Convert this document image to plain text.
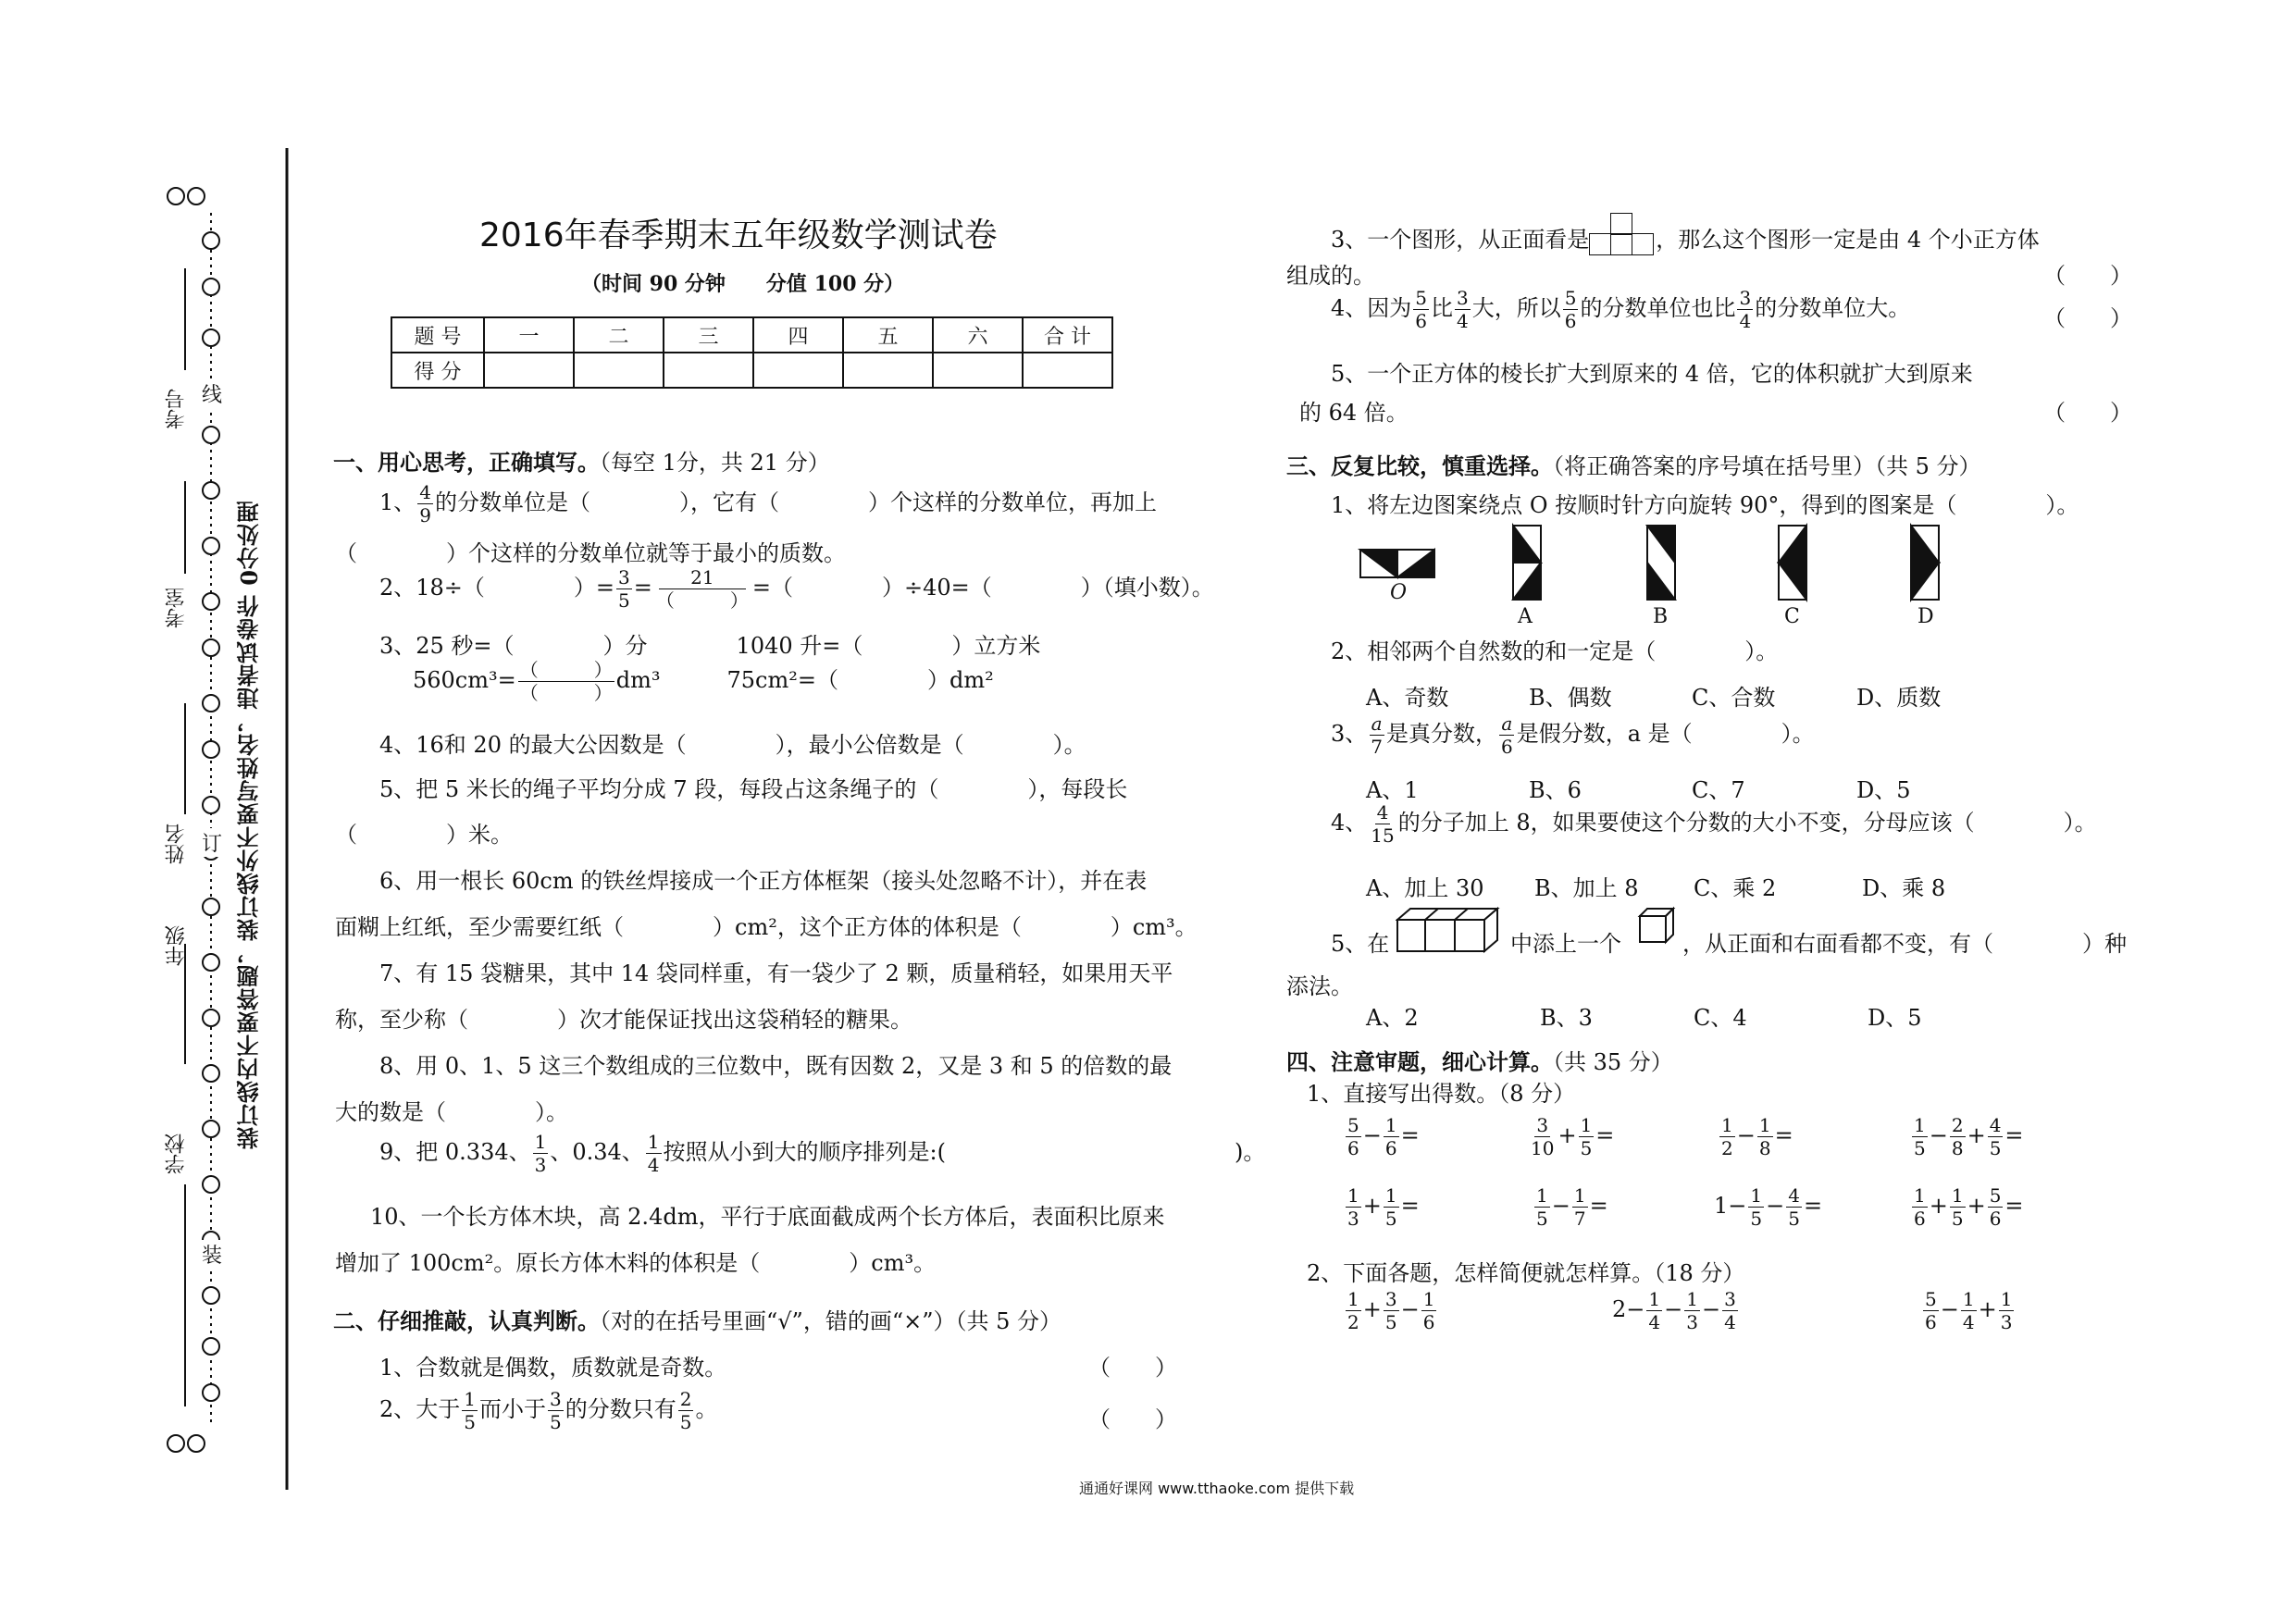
考号
考室
姓名
年级
学校
线
订
装
装订线内不要答题，装订线外不要写姓名，违者试卷作 0分处理
2016年春季期末五年级数学测试卷
（时间 90 分钟　　分值 100 分）
题 号	一	二	三	四	五	六	合 计
得 分							
一、用心思考，正确填写。（每空 1分，共 21 分）
1、 $\frac{4}{9}$ 的分数单位是（　　　　），它有（　　　　）个这样的分数单位，再加上
（　　　　）个这样的分数单位就等于最小的质数。
2、18÷（　　　　）= $\frac{3}{5} = \frac{21}{( )}$ =（　　　　）÷40=（　　　　）（填小数）。
3、25 秒=（　　　　）分　　　　1040 升=（　　　　）立方米
$560cm^3= \frac{( )}{( )} dm^3$　　　75cm²=（　　　　）dm²
4、16和 20 的最大公因数是（　　　　），最小公倍数是（　　　　）。
5、把 5 米长的绳子平均分成 7 段，每段占这条绳子的（　　　　），每段长
（　　　　）米。
6、用一根长 60cm 的铁丝焊接成一个正方体框架（接头处忽略不计），并在表
面糊上红纸，至少需要红纸（　　　　）cm²，这个正方体的体积是（　　　　）cm³。
7、有 15 袋糖果，其中 14 袋同样重，有一袋少了 2 颗，质量稍轻，如果用天平
称，至少称（　　　　）次才能保证找出这袋稍轻的糖果。
8、用 0、1、5 这三个数组成的三位数中，既有因数 2，又是 3 和 5 的倍数的最
大的数是（　　　　）。
9、把 0.334、 $\frac{1}{3}$ 、0.34、 $\frac{1}{4}$ 按照从小到大的顺序排列是:(　　　　　　　　　　　　　)。
10、一个长方体木块，高 2.4dm，平行于底面截成两个长方体后，表面积比原来
增加了 100cm²。原长方体木料的体积是（　　　　）cm³。
二、仔细推敲，认真判断。（对的在括号里画“√”，错的画“×”）（共 5 分）
1、合数就是偶数，质数就是奇数。	（　　）
2、大于 $\frac{1}{5}$ 而小于 $\frac{3}{5}$ 的分数只有 $\frac{2}{5}$ 。	（　　）
3、一个图形，从正面看是	，那么这个图形一定是由 4 个小正方体
组成的。	（　　）
4、因为 $\frac{5}{6}$ 比 $\frac{3}{4}$ 大，所以 $\frac{5}{6}$ 的分数单位也比 $\frac{3}{4}$ 的分数单位大。	（　　）
5、一个正方体的棱长扩大到原来的 4 倍，它的体积就扩大到原来
的 64 倍。	（　　）
三、反复比较，慎重选择。（将正确答案的序号填在括号里）（共 5 分）
1、将左边图案绕点 O 按顺时针方向旋转 90°，得到的图案是（　　　　）。
O
A	B	C	D
2、相邻两个自然数的和一定是（　　　　）。
A、奇数	B、偶数	C、合数	D、质数
3、 $\frac{a}{7}$ 是真分数， $\frac{a}{6}$ 是假分数，a 是（　　　　）。
A、1	B、6	C、7	D、5
4、 $\frac{4}{15}$ 的分子加上 8，如果要使这个分数的大小不变，分母应该（　　　　）。
A、加上 30 B、加上 8 C、乘 2	D、乘 8
5、在	中添上一个	，从正面和右面看都不变，有（　　　　）种
添法。
A、2	B、3	C、4	D、5
四、注意审题，细心计算。（共 35 分）
1、直接写出得数。（8 分）
$\frac{5}{6} - \frac{1}{6}$ =	$\frac{3}{10} + \frac{1}{5}$ =	$\frac{1}{2} - \frac{1}{8}$ =	$\frac{1}{5} - \frac{2}{8} + \frac{4}{5}$ =
$\frac{1}{3} + \frac{1}{5}$ =	$\frac{1}{5} - \frac{1}{7}$ =	$1- \frac{1}{5} - \frac{4}{5}$ =	$\frac{1}{6} + \frac{1}{5} + \frac{5}{6}$ =
2、下面各题，怎样简便就怎样算。（18 分）
$\frac{1}{2} + \frac{3}{5} - \frac{1}{6}$	$2- \frac{1}{4} - \frac{1}{3} - \frac{3}{4}$	$\frac{5}{6} - \frac{1}{4} + \frac{1}{3}$
通通好课网 www.tthaoke.com 提供下载
